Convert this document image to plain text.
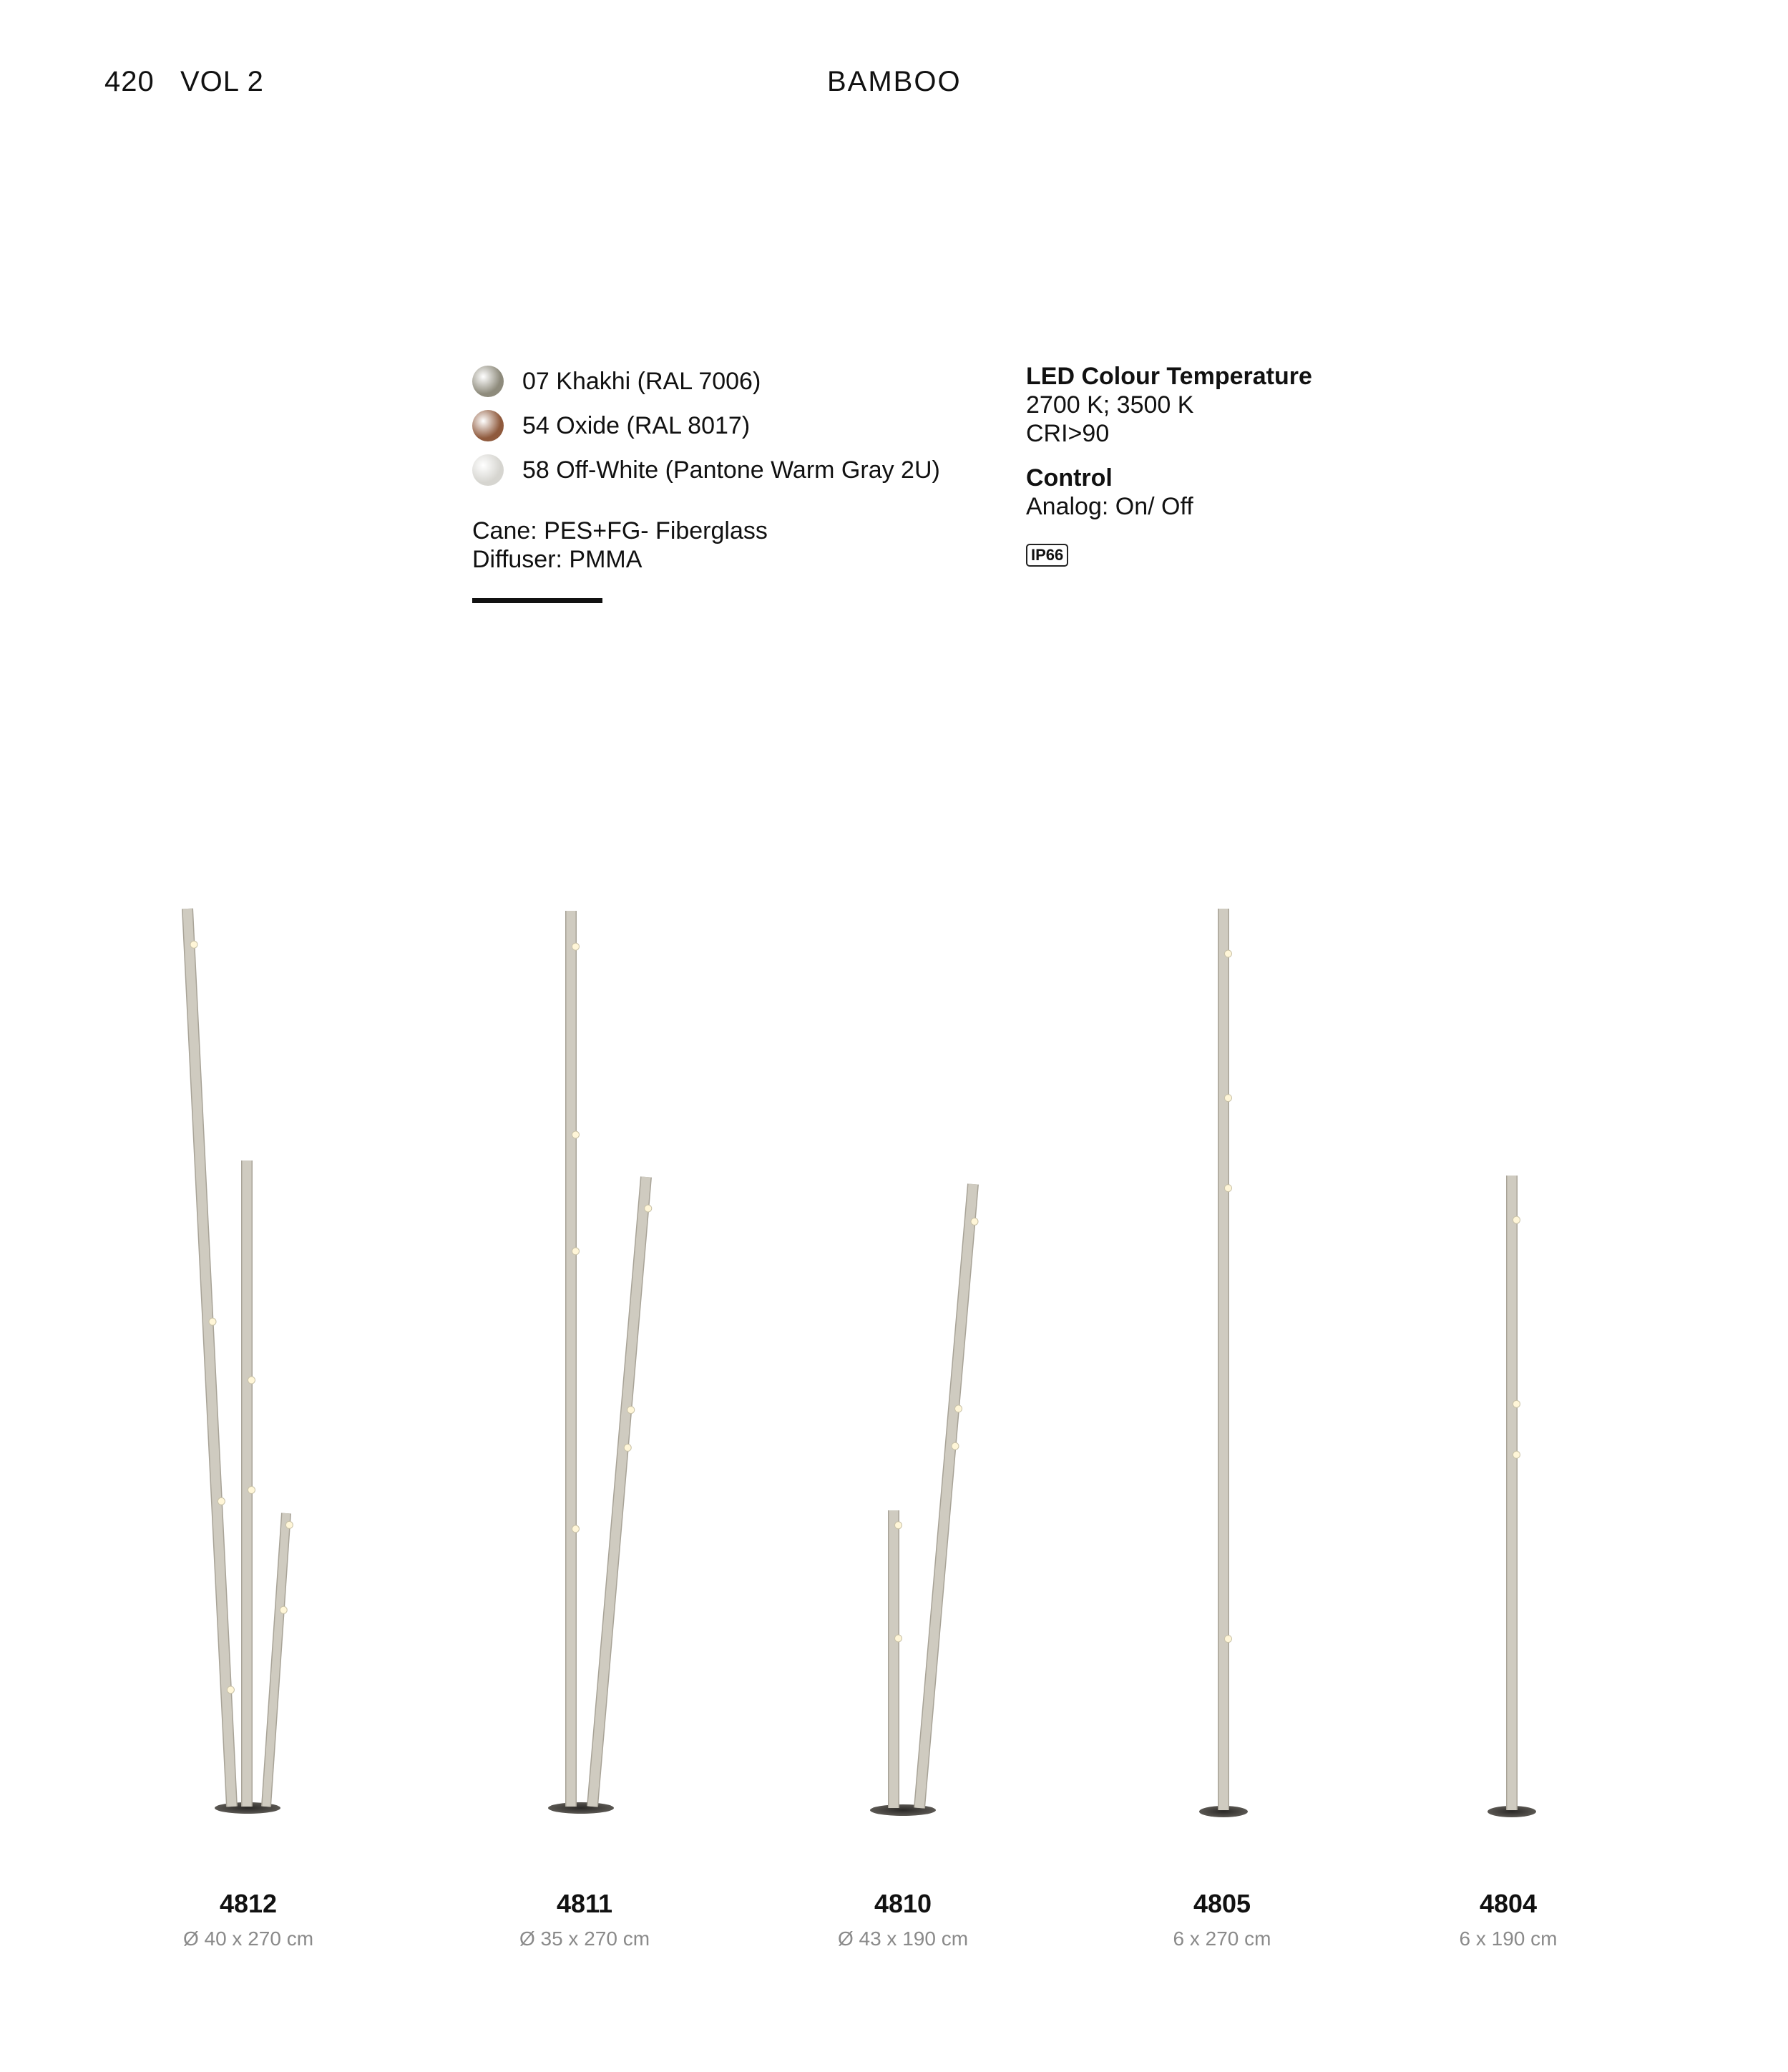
420 VOL 2	BAMBOO
07 Khakhi (RAL 7006)
54 Oxide (RAL 8017)
58 Off-White (Pantone Warm Gray 2U)
Cane: PES+FG- Fiberglass
Diffuser: PMMA
LED Colour Temperature
2700 K; 3500 K
CRI>90
Control
Analog: On/ Off
IP66
4812
Ø 40 x 270 cm
4811
Ø 35 x 270 cm
4810
Ø 43 x 190 cm
4805
6 x 270 cm
4804
6 x 190 cm
